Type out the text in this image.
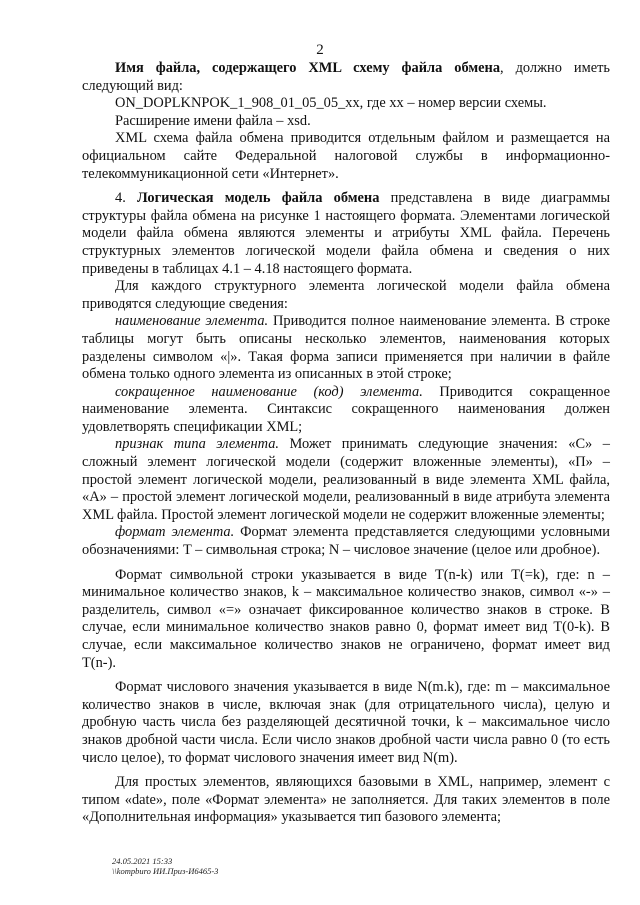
2

Имя файла, содержащего XML схему файла обмена, должно иметь следующий вид:

ON_DOPLKNPOK_1_908_01_05_05_xx, где xx – номер версии схемы.

Расширение имени файла – xsd.

XML схема файла обмена приводится отдельным файлом и размещается на официальном сайте Федеральной налоговой службы в информационно-телекоммуникационной сети «Интернет».

4. Логическая модель файла обмена представлена в виде диаграммы структуры файла обмена на рисунке 1 настоящего формата. Элементами логической модели файла обмена являются элементы и атрибуты XML файла. Перечень структурных элементов логической модели файла обмена и сведения о них приведены в таблицах 4.1 – 4.18 настоящего формата.

Для каждого структурного элемента логической модели файла обмена приводятся следующие сведения:

наименование элемента. Приводится полное наименование элемента. В строке таблицы могут быть описаны несколько элементов, наименования которых разделены символом «|». Такая форма записи применяется при наличии в файле обмена только одного элемента из описанных в этой строке;

сокращенное наименование (код) элемента. Приводится сокращенное наименование элемента. Синтаксис сокращенного наименования должен удовлетворять спецификации XML;

признак типа элемента. Может принимать следующие значения: «С» – сложный элемент логической модели (содержит вложенные элементы), «П» – простой элемент логической модели, реализованный в виде элемента XML файла, «А» – простой элемент логической модели, реализованный в виде атрибута элемента XML файла. Простой элемент логической модели не содержит вложенные элементы;

формат элемента. Формат элемента представляется следующими условными обозначениями: T – символьная строка; N – числовое значение (целое или дробное).

Формат символьной строки указывается в виде T(n-k) или T(=k), где: n – минимальное количество знаков, k – максимальное количество знаков, символ «-» – разделитель, символ «=» означает фиксированное количество знаков в строке. В случае, если минимальное количество знаков равно 0, формат имеет вид T(0-k). В случае, если максимальное количество знаков не ограничено, формат имеет вид T(n-).

Формат числового значения указывается в виде N(m.k), где: m – максимальное количество знаков в числе, включая знак (для отрицательного числа), целую и дробную часть числа без разделяющей десятичной точки, k – максимальное число знаков дробной части числа. Если число знаков дробной части числа равно 0 (то есть число целое), то формат числового значения имеет вид N(m).

Для простых элементов, являющихся базовыми в XML, например, элемент с типом «date», поле «Формат элемента» не заполняется. Для таких элементов в поле «Дополнительная информация» указывается тип базового элемента;

24.05.2021 15:33
\\kompburo ИИ.Приз-И6465-3
